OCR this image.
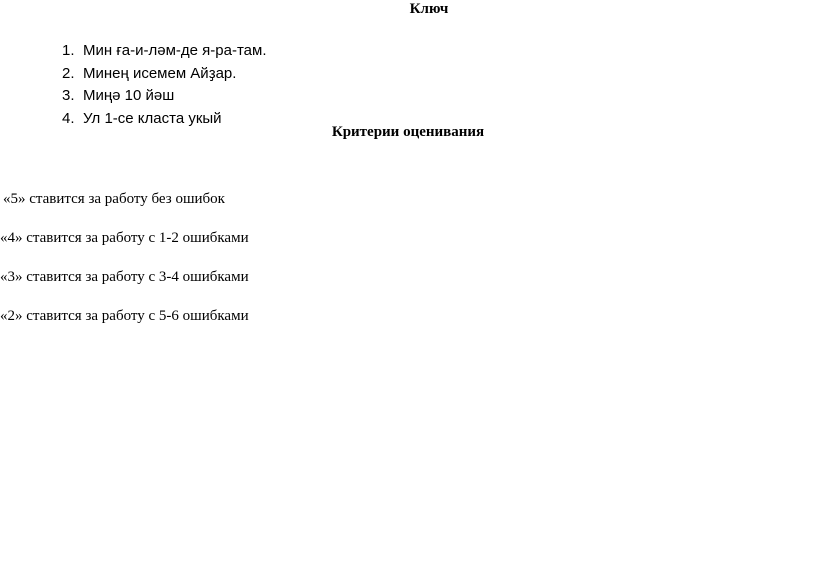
Ключ
1. Мин ға-и-ләм-де я-ра-там.
2. Минең исемем Айҙар.
3. Миңә 10 йәш
4. Ул 1-се класта укый
Критерии оценивания
«5» ставится за работу без ошибок
«4» ставится за работу с 1-2 ошибками
«3» ставится за работу с 3-4 ошибками
«2» ставится за работу с 5-6 ошибками
